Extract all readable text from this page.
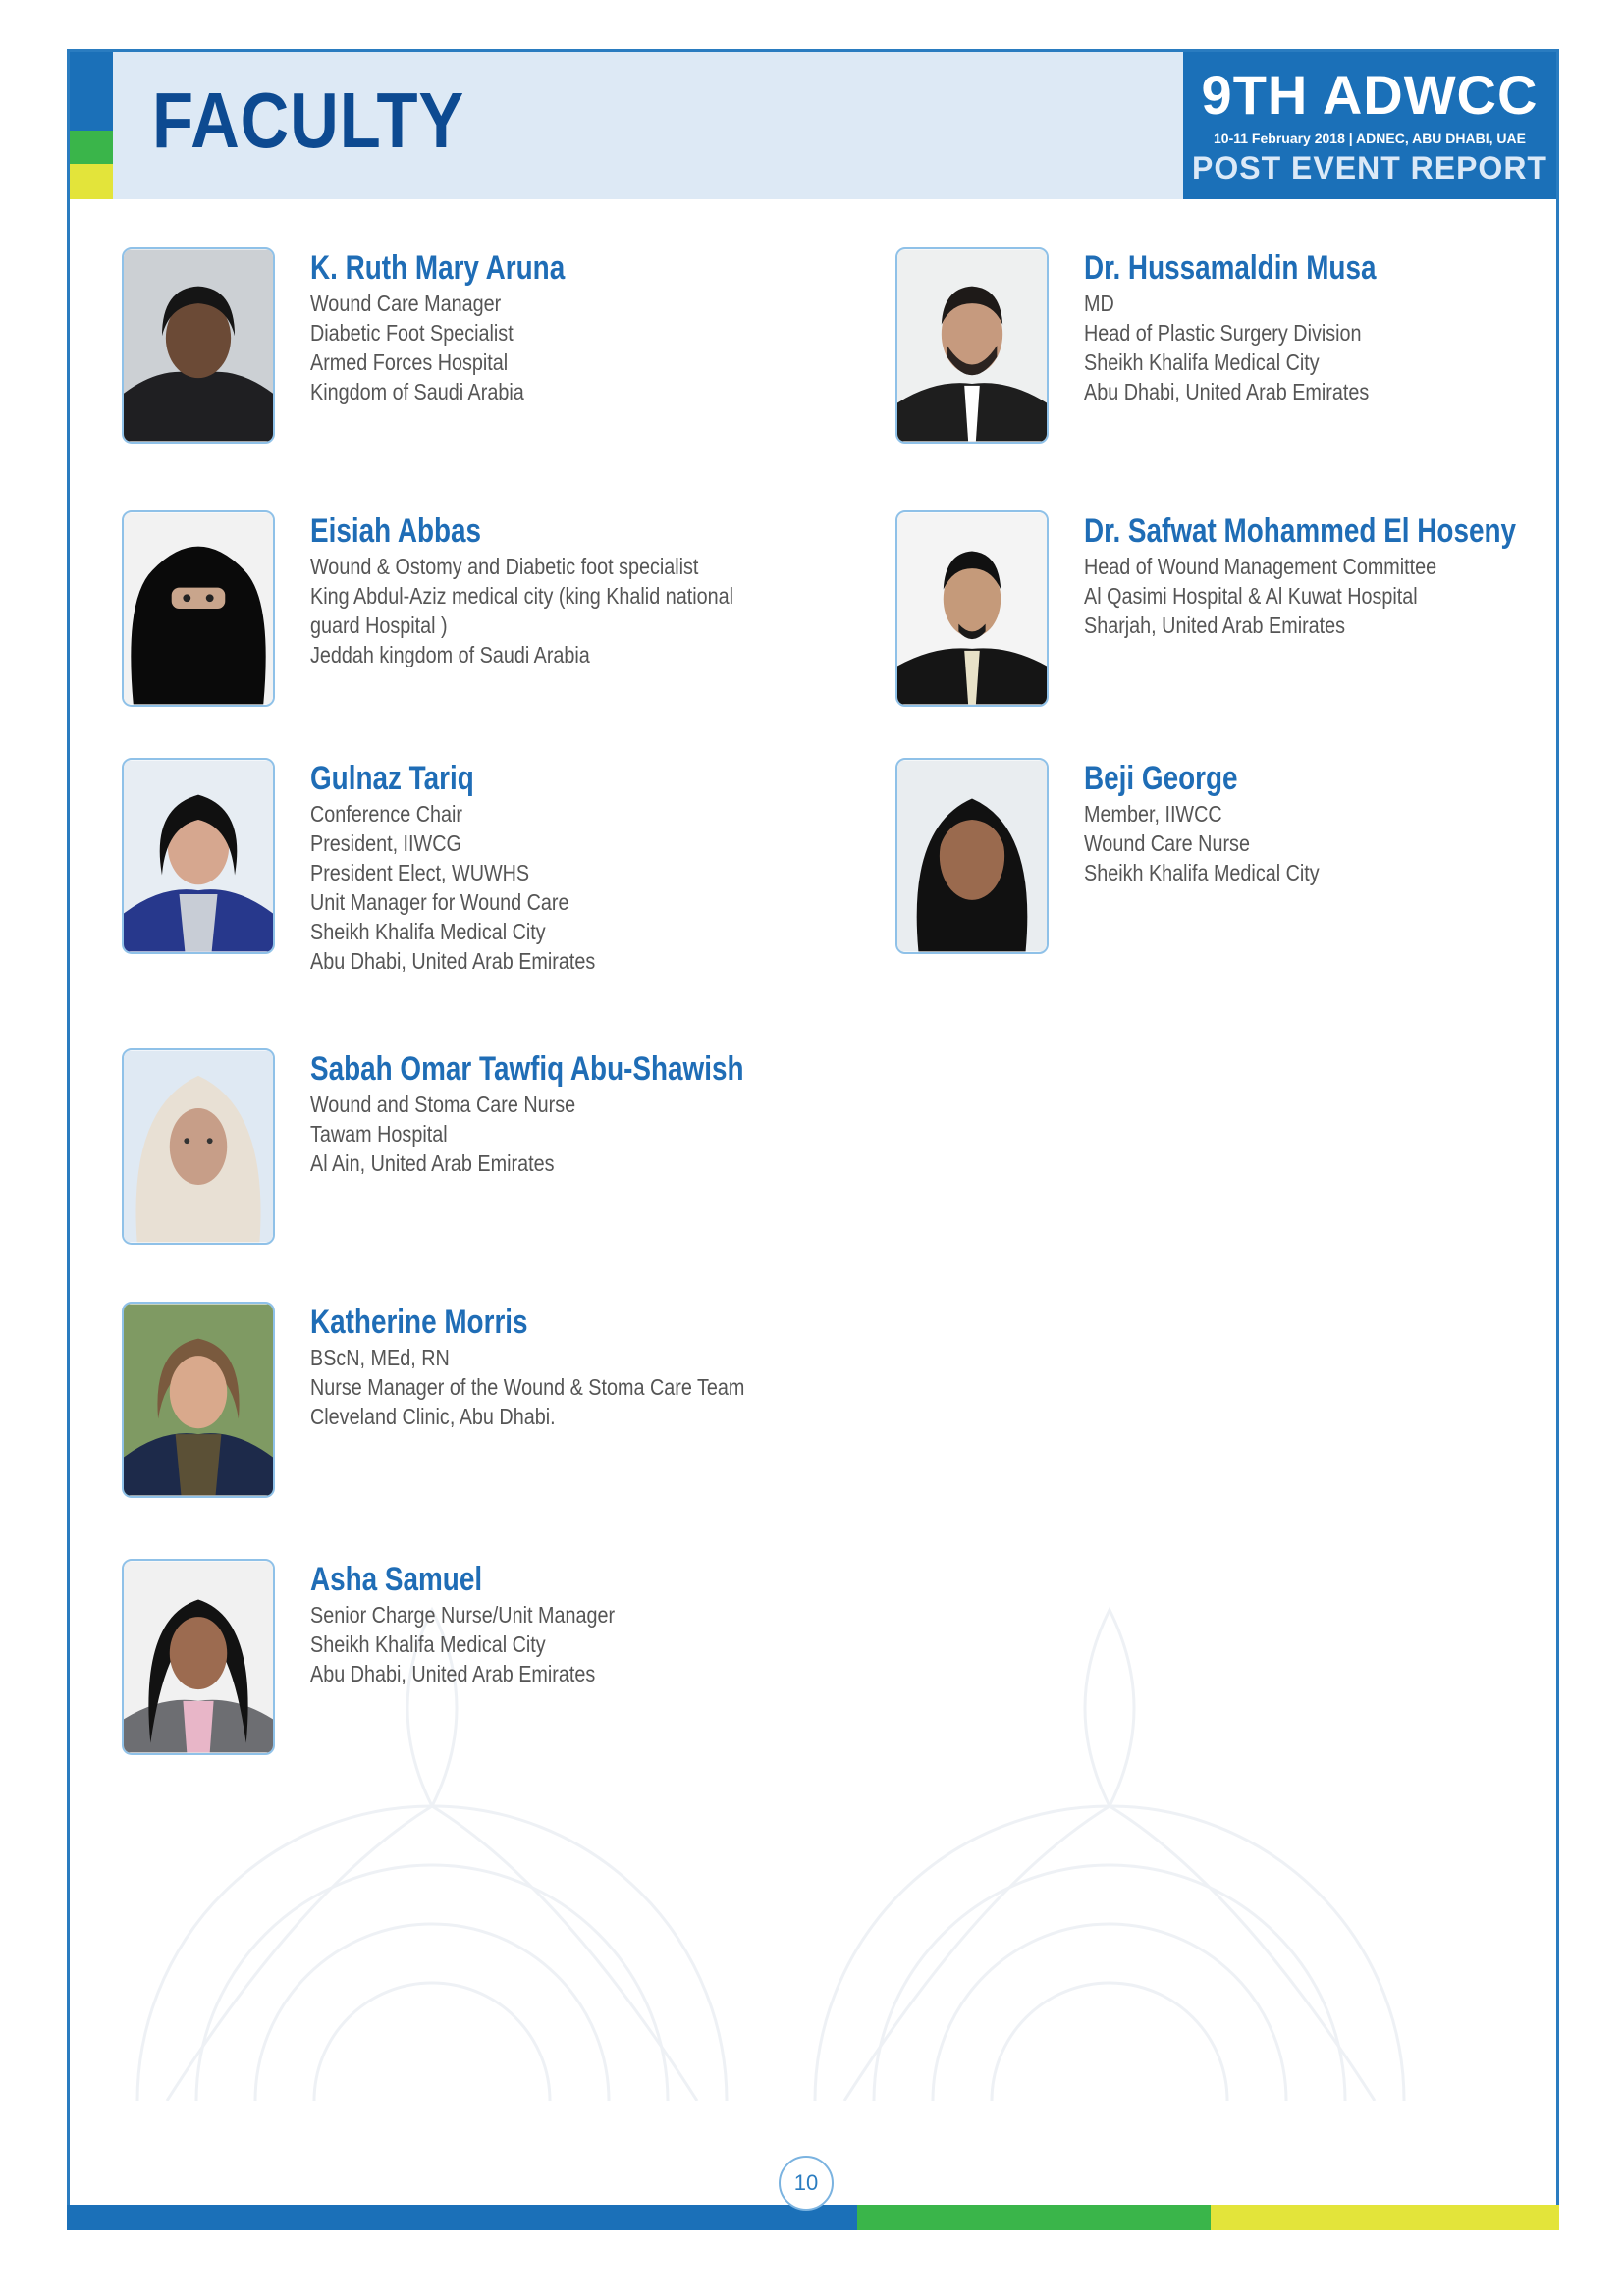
FACULTY	9TH ADWCC
10-11 February 2018 | ADNEC, ABU DHABI, UAE
POST EVENT REPORT
K. Ruth Mary Aruna
Wound Care Manager
Diabetic Foot Specialist
Armed Forces Hospital
Kingdom of Saudi Arabia
Dr. Hussamaldin Musa
MD
Head of Plastic Surgery Division
Sheikh Khalifa Medical City
Abu Dhabi, United Arab Emirates
Eisiah Abbas
Wound & Ostomy and Diabetic foot specialist
King Abdul-Aziz medical city (king Khalid national
guard Hospital )
Jeddah kingdom of Saudi Arabia
Dr. Safwat Mohammed El Hoseny
Head of Wound Management Committee
Al Qasimi Hospital & Al Kuwat Hospital
Sharjah, United Arab Emirates
Gulnaz Tariq
Conference Chair
President, IIWCG
President Elect, WUWHS
Unit Manager for Wound Care
Sheikh Khalifa Medical City
Abu Dhabi, United Arab Emirates
Beji George
Member, IIWCC
Wound Care Nurse
Sheikh Khalifa Medical City
Sabah Omar Tawfiq Abu-Shawish
Wound and Stoma Care Nurse
Tawam Hospital
Al Ain, United Arab Emirates
Katherine Morris
BScN, MEd, RN
Nurse Manager of the Wound & Stoma Care Team
Cleveland Clinic, Abu Dhabi.
Asha Samuel
Senior Charge Nurse/Unit Manager
Sheikh Khalifa Medical City
Abu Dhabi, United Arab Emirates
10
